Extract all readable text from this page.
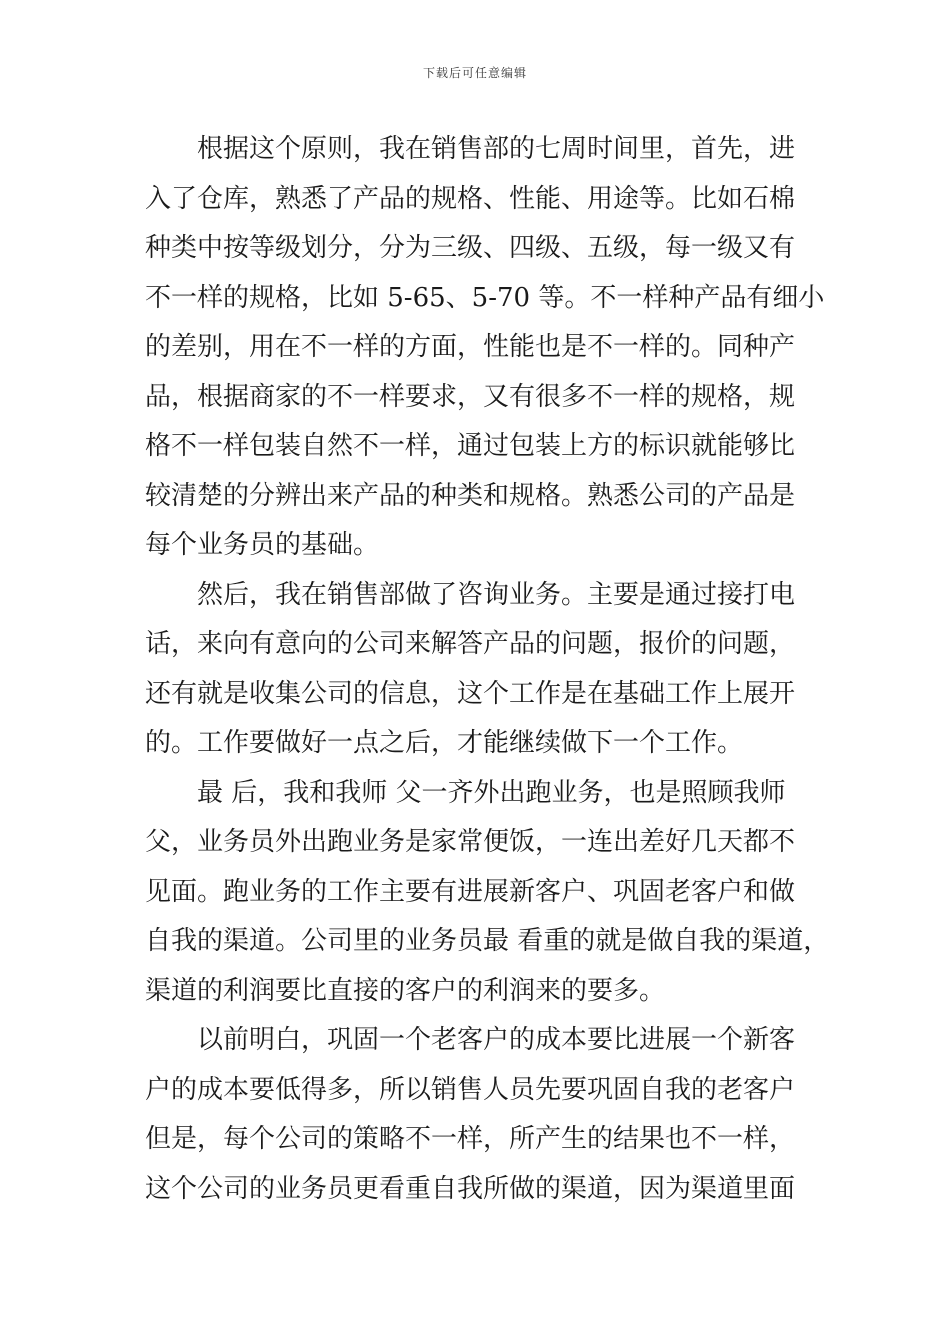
下载后可任意编辑
根据这个原则，我在销售部的七周时间里，首先，进
入了仓库，熟悉了产品的规格、性能、用途等。比如石棉
种类中按等级划分，分为三级、四级、五级，每一级又有
不一样的规格，比如 5-65、5-70 等。不一样种产品有细小
的差别，用在不一样的方面，性能也是不一样的。同种产
品，根据商家的不一样要求，又有很多不一样的规格，规
格不一样包装自然不一样，通过包装上方的标识就能够比
较清楚的分辨出来产品的种类和规格。熟悉公司的产品是
每个业务员的基础。
然后，我在销售部做了咨询业务。主要是通过接打电
话，来向有意向的公司来解答产品的问题，报价的问题，
还有就是收集公司的信息，这个工作是在基础工作上展开
的。工作要做好一点之后，才能继续做下一个工作。
最 后，我和我师 父一齐外出跑业务，也是照顾我师
父，业务员外出跑业务是家常便饭，一连出差好几天都不
见面。跑业务的工作主要有进展新客户、巩固老客户和做
自我的渠道。公司里的业务员最 看重的就是做自我的渠道，
渠道的利润要比直接的客户的利润来的要多。
以前明白，巩固一个老客户的成本要比进展一个新客
户的成本要低得多，所以销售人员先要巩固自我的老客户
但是，每个公司的策略不一样，所产生的结果也不一样，
这个公司的业务员更看重自我所做的渠道，因为渠道里面
